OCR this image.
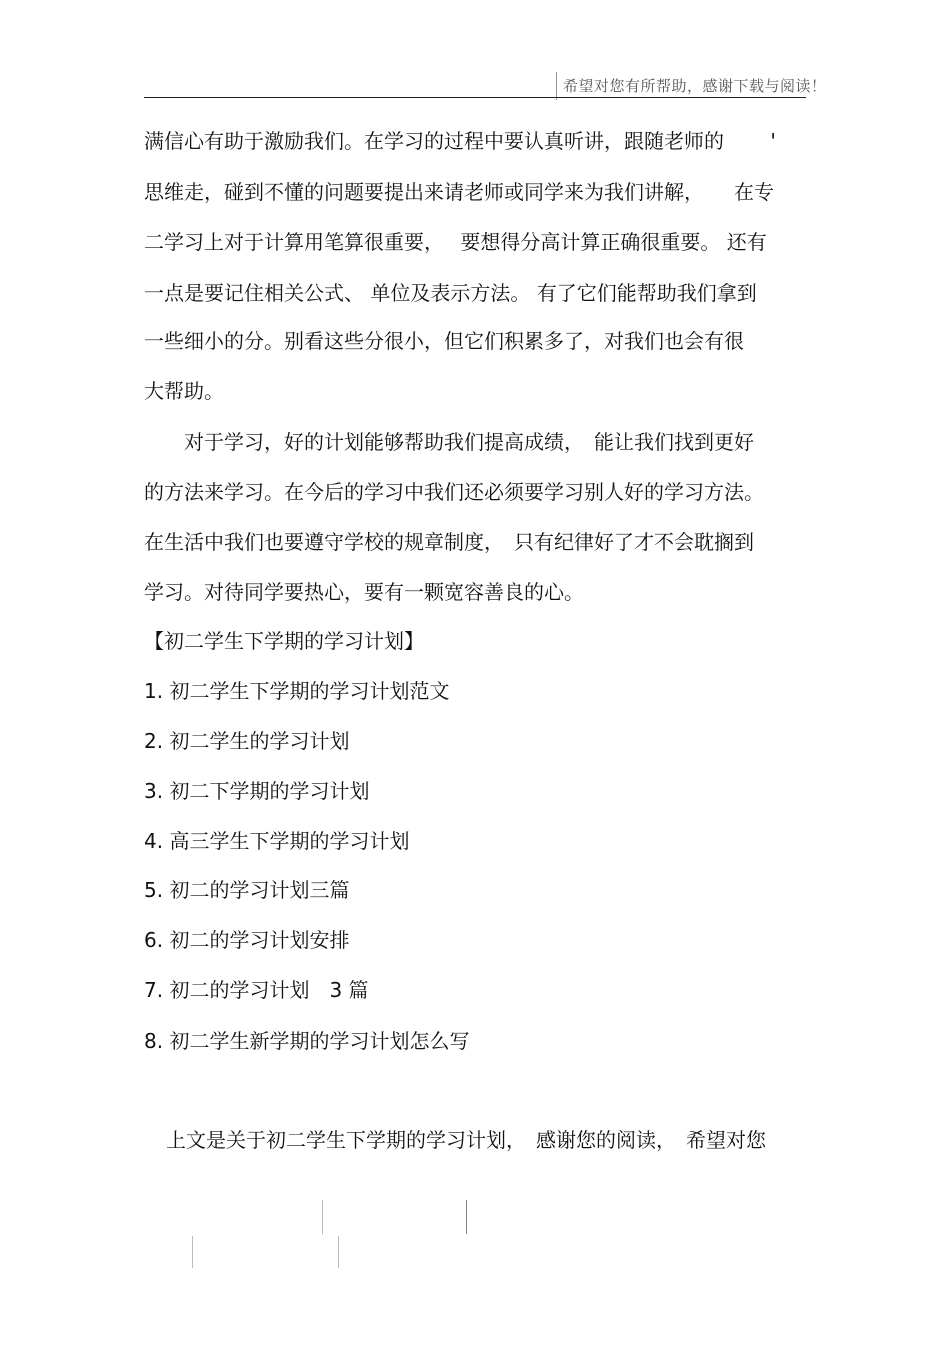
希望对您有所帮助，感谢下载与阅读！
满信心有助于激励我们。在学习的过程中要认真听讲，跟随老师的　　 '
思维走，碰到不懂的问题要提出来请老师或同学来为我们讲解，　　在专
二学习上对于计算用笔算很重要，　 要想得分高计算正确很重要。 还有
一点是要记住相关公式、 单位及表示方法。 有了它们能帮助我们拿到
一些细小的分。别看这些分很小，但它们积累多了，对我们也会有很
大帮助。
　　对于学习，好的计划能够帮助我们提高成绩，　能让我们找到更好
的方法来学习。在今后的学习中我们还必须要学习别人好的学习方法。
在生活中我们也要遵守学校的规章制度，　只有纪律好了才不会耽搁到
学习。对待同学要热心，要有一颗宽容善良的心。
【初二学生下学期的学习计划】
1. 初二学生下学期的学习计划范文
2. 初二学生的学习计划
3. 初二下学期的学习计划
4. 高三学生下学期的学习计划
5. 初二的学习计划三篇
6. 初二的学习计划安排
7. 初二的学习计划　3 篇
8. 初二学生新学期的学习计划怎么写
上文是关于初二学生下学期的学习计划，　感谢您的阅读，　希望对您
